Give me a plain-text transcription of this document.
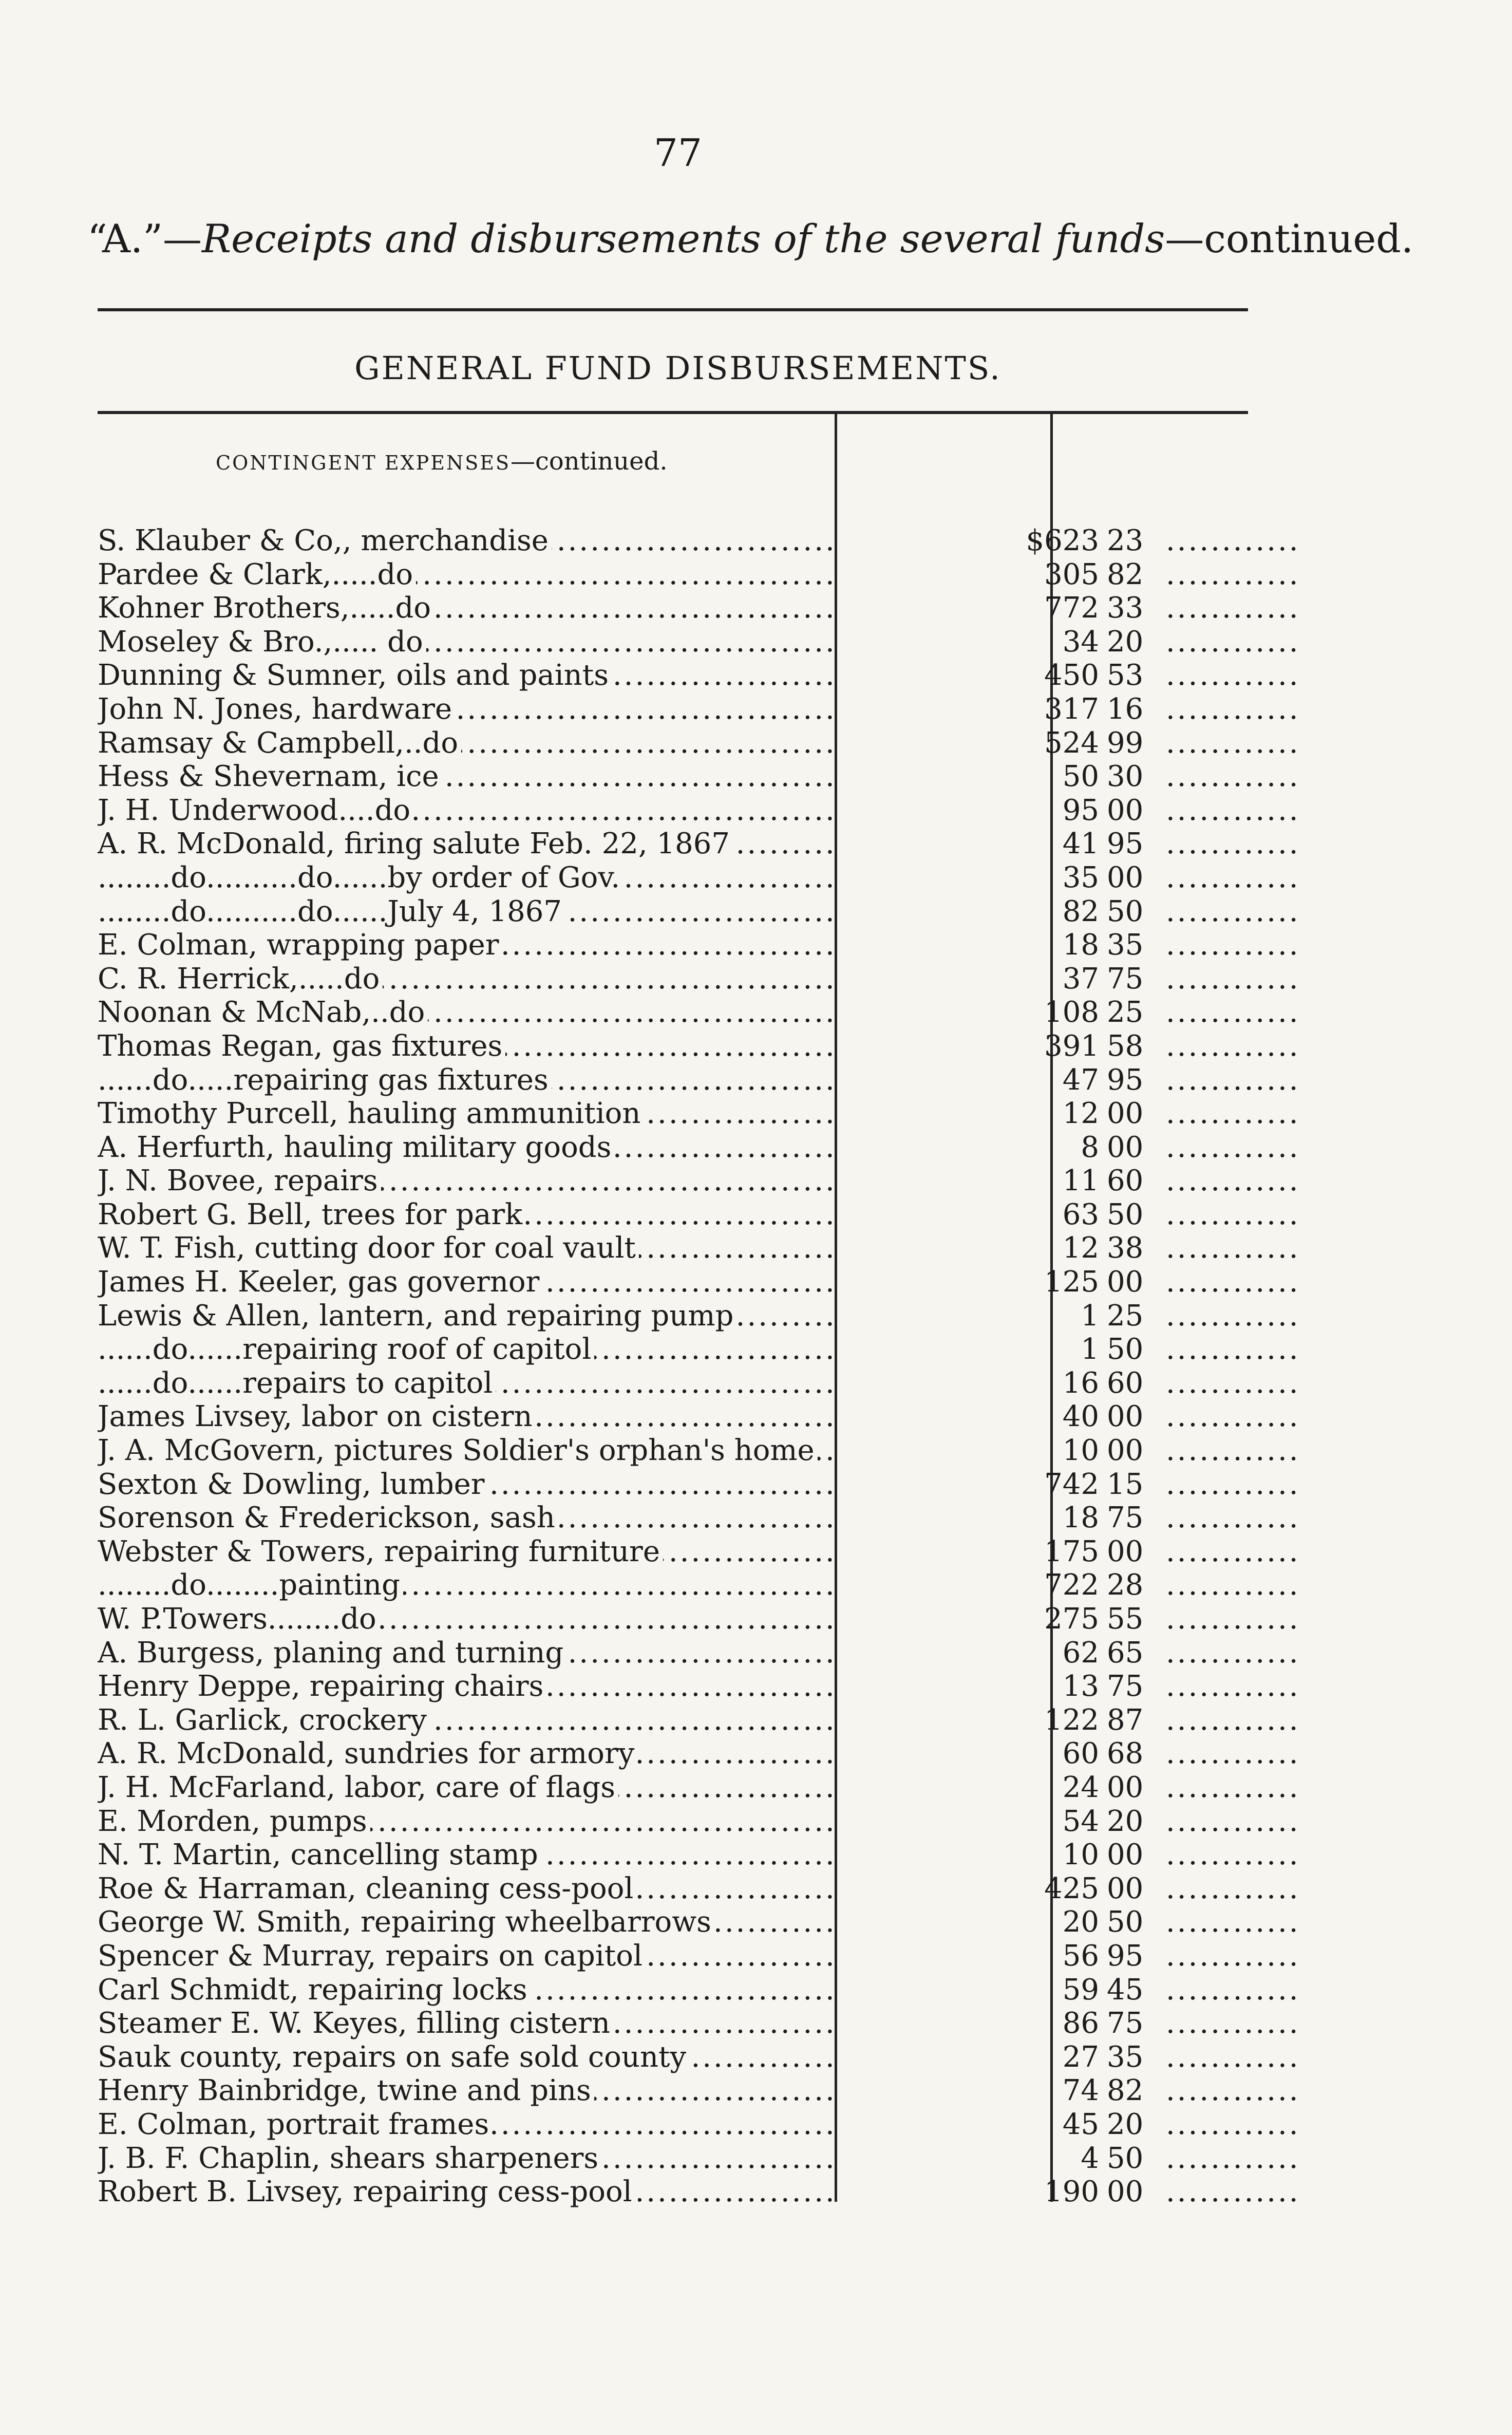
77
“A.”—Receipts and disbursements of the several funds—continued.
GENERAL FUND DISBURSEMENTS.
CONTINGENT EXPENSES—continued.
S. Klauber & Co,, merchandise .....	$623 23 ............
Pardee & Clark,.....do .....	305 82 ............
Kohner Brothers,.....do .....	772 33 ............
Moseley & Bro.,..... do .....	34 20 ............
Dunning & Sumner, oils and paints .....	450 53 ............
John N. Jones, hardware .....	317 16 ............
Ramsay & Campbell,..do .....	524 99 ............
Hess & Shevernam, ice .....	50 30 ............
J. H. Underwood....do .....	95 00 ............
A. R. McDonald, firing salute Feb. 22, 1867 .....	41 95 ............
........do..........do......by order of Gov. .....	35 00 ............
........do..........do......July 4, 1867 .....	82 50 ............
E. Colman, wrapping paper .....	18 35 ............
C. R. Herrick,.....do .....	37 75 ............
Noonan & McNab,..do .....	108 25 ............
Thomas Regan, gas fixtures .....	391 58 ............
......do.....repairing gas fixtures .....	47 95 ............
Timothy Purcell, hauling ammunition .....	12 00 ............
A. Herfurth, hauling military goods .....	8 00 ............
J. N. Bovee, repairs .....	11 60 ............
Robert G. Bell, trees for park .....	63 50 ............
W. T. Fish, cutting door for coal vault .....	12 38 ............
James H. Keeler, gas governor .....	125 00 ............
Lewis & Allen, lantern, and repairing pump .....	1 25 ............
......do......repairing roof of capitol .....	1 50 ............
......do......repairs to capitol .....	16 60 ............
James Livsey, labor on cistern .....	40 00 ............
J. A. McGovern, pictures Soldier's orphan's home .....	10 00 ............
Sexton & Dowling, lumber .....	742 15 ............
Sorenson & Frederickson, sash .....	18 75 ............
Webster & Towers, repairing furniture .....	175 00 ............
........do........painting .....	722 28 ............
W. P.Towers........do .....	275 55 ............
A. Burgess, planing and turning .....	62 65 ............
Henry Deppe, repairing chairs .....	13 75 ............
R. L. Garlick, crockery .....	122 87 ............
A. R. McDonald, sundries for armory .....	60 68 ............
J. H. McFarland, labor, care of flags .....	24 00 ............
E. Morden, pumps .....	54 20 ............
N. T. Martin, cancelling stamp .....	10 00 ............
Roe & Harraman, cleaning cess-pool .....	425 00 ............
George W. Smith, repairing wheelbarrows .....	20 50 ............
Spencer & Murray, repairs on capitol .....	56 95 ............
Carl Schmidt, repairing locks .....	59 45 ............
Steamer E. W. Keyes, filling cistern .....	86 75 ............
Sauk county, repairs on safe sold county .....	27 35 ............
Henry Bainbridge, twine and pins .....	74 82 ............
E. Colman, portrait frames .....	45 20 ............
J. B. F. Chaplin, shears sharpeners .....	4 50 ............
Robert B. Livsey, repairing cess-pool .....	190 00 ............
